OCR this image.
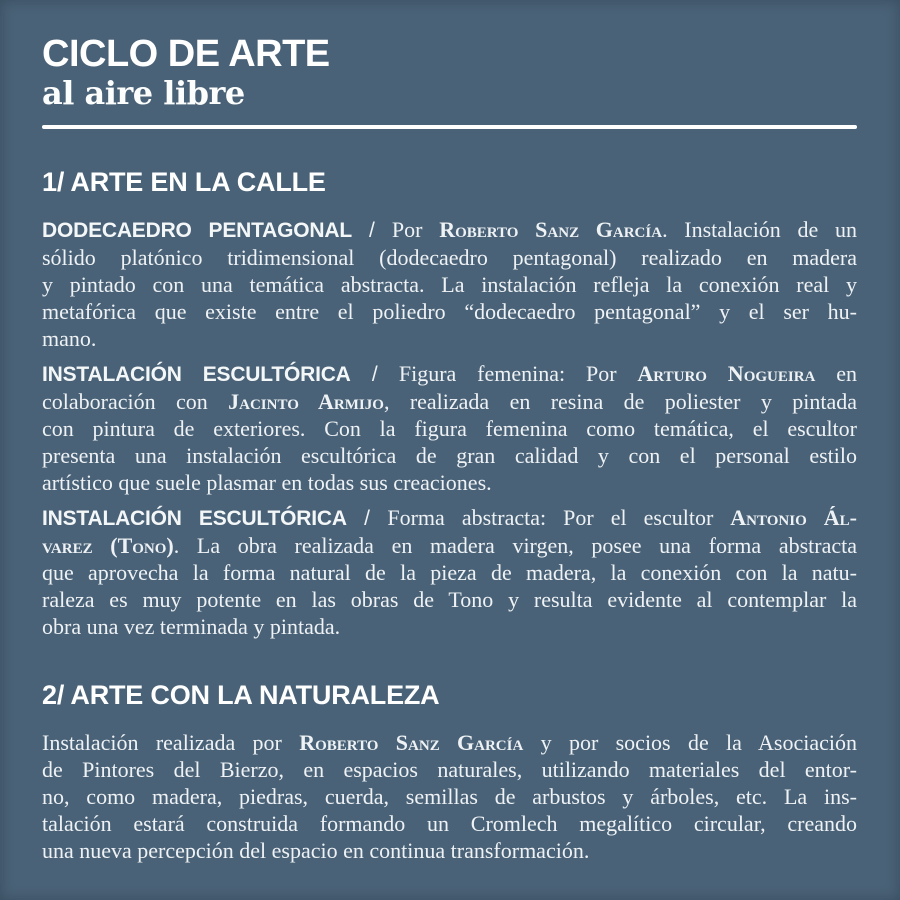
CICLO DE ARTE
al aire libre
1/ ARTE EN LA CALLE
DODECAEDRO PENTAGONAL / Por Roberto Sanz García. Instalación de un
sólido platónico tridimensional (dodecaedro pentagonal) realizado en madera
y pintado con una temática abstracta. La instalación refleja la conexión real y
metafórica que existe entre el poliedro “dodecaedro pentagonal” y el ser hu-
mano.
INSTALACIÓN ESCULTÓRICA / Figura femenina: Por Arturo Nogueira en
colaboración con Jacinto Armijo, realizada en resina de poliester y pintada
con pintura de exteriores. Con la figura femenina como temática, el escultor
presenta una instalación escultórica de gran calidad y con el personal estilo
artístico que suele plasmar en todas sus creaciones.
INSTALACIÓN ESCULTÓRICA / Forma abstracta: Por el escultor Antonio Ál-
varez (Tono). La obra realizada en madera virgen, posee una forma abstracta
que aprovecha la forma natural de la pieza de madera, la conexión con la natu-
raleza es muy potente en las obras de Tono y resulta evidente al contemplar la
obra una vez terminada y pintada.
2/ ARTE CON LA NATURALEZA
Instalación realizada por Roberto Sanz García y por socios de la Asociación
de Pintores del Bierzo, en espacios naturales, utilizando materiales del entor-
no, como madera, piedras, cuerda, semillas de arbustos y árboles, etc. La ins-
talación estará construida formando un Cromlech megalítico circular, creando
una nueva percepción del espacio en continua transformación.
